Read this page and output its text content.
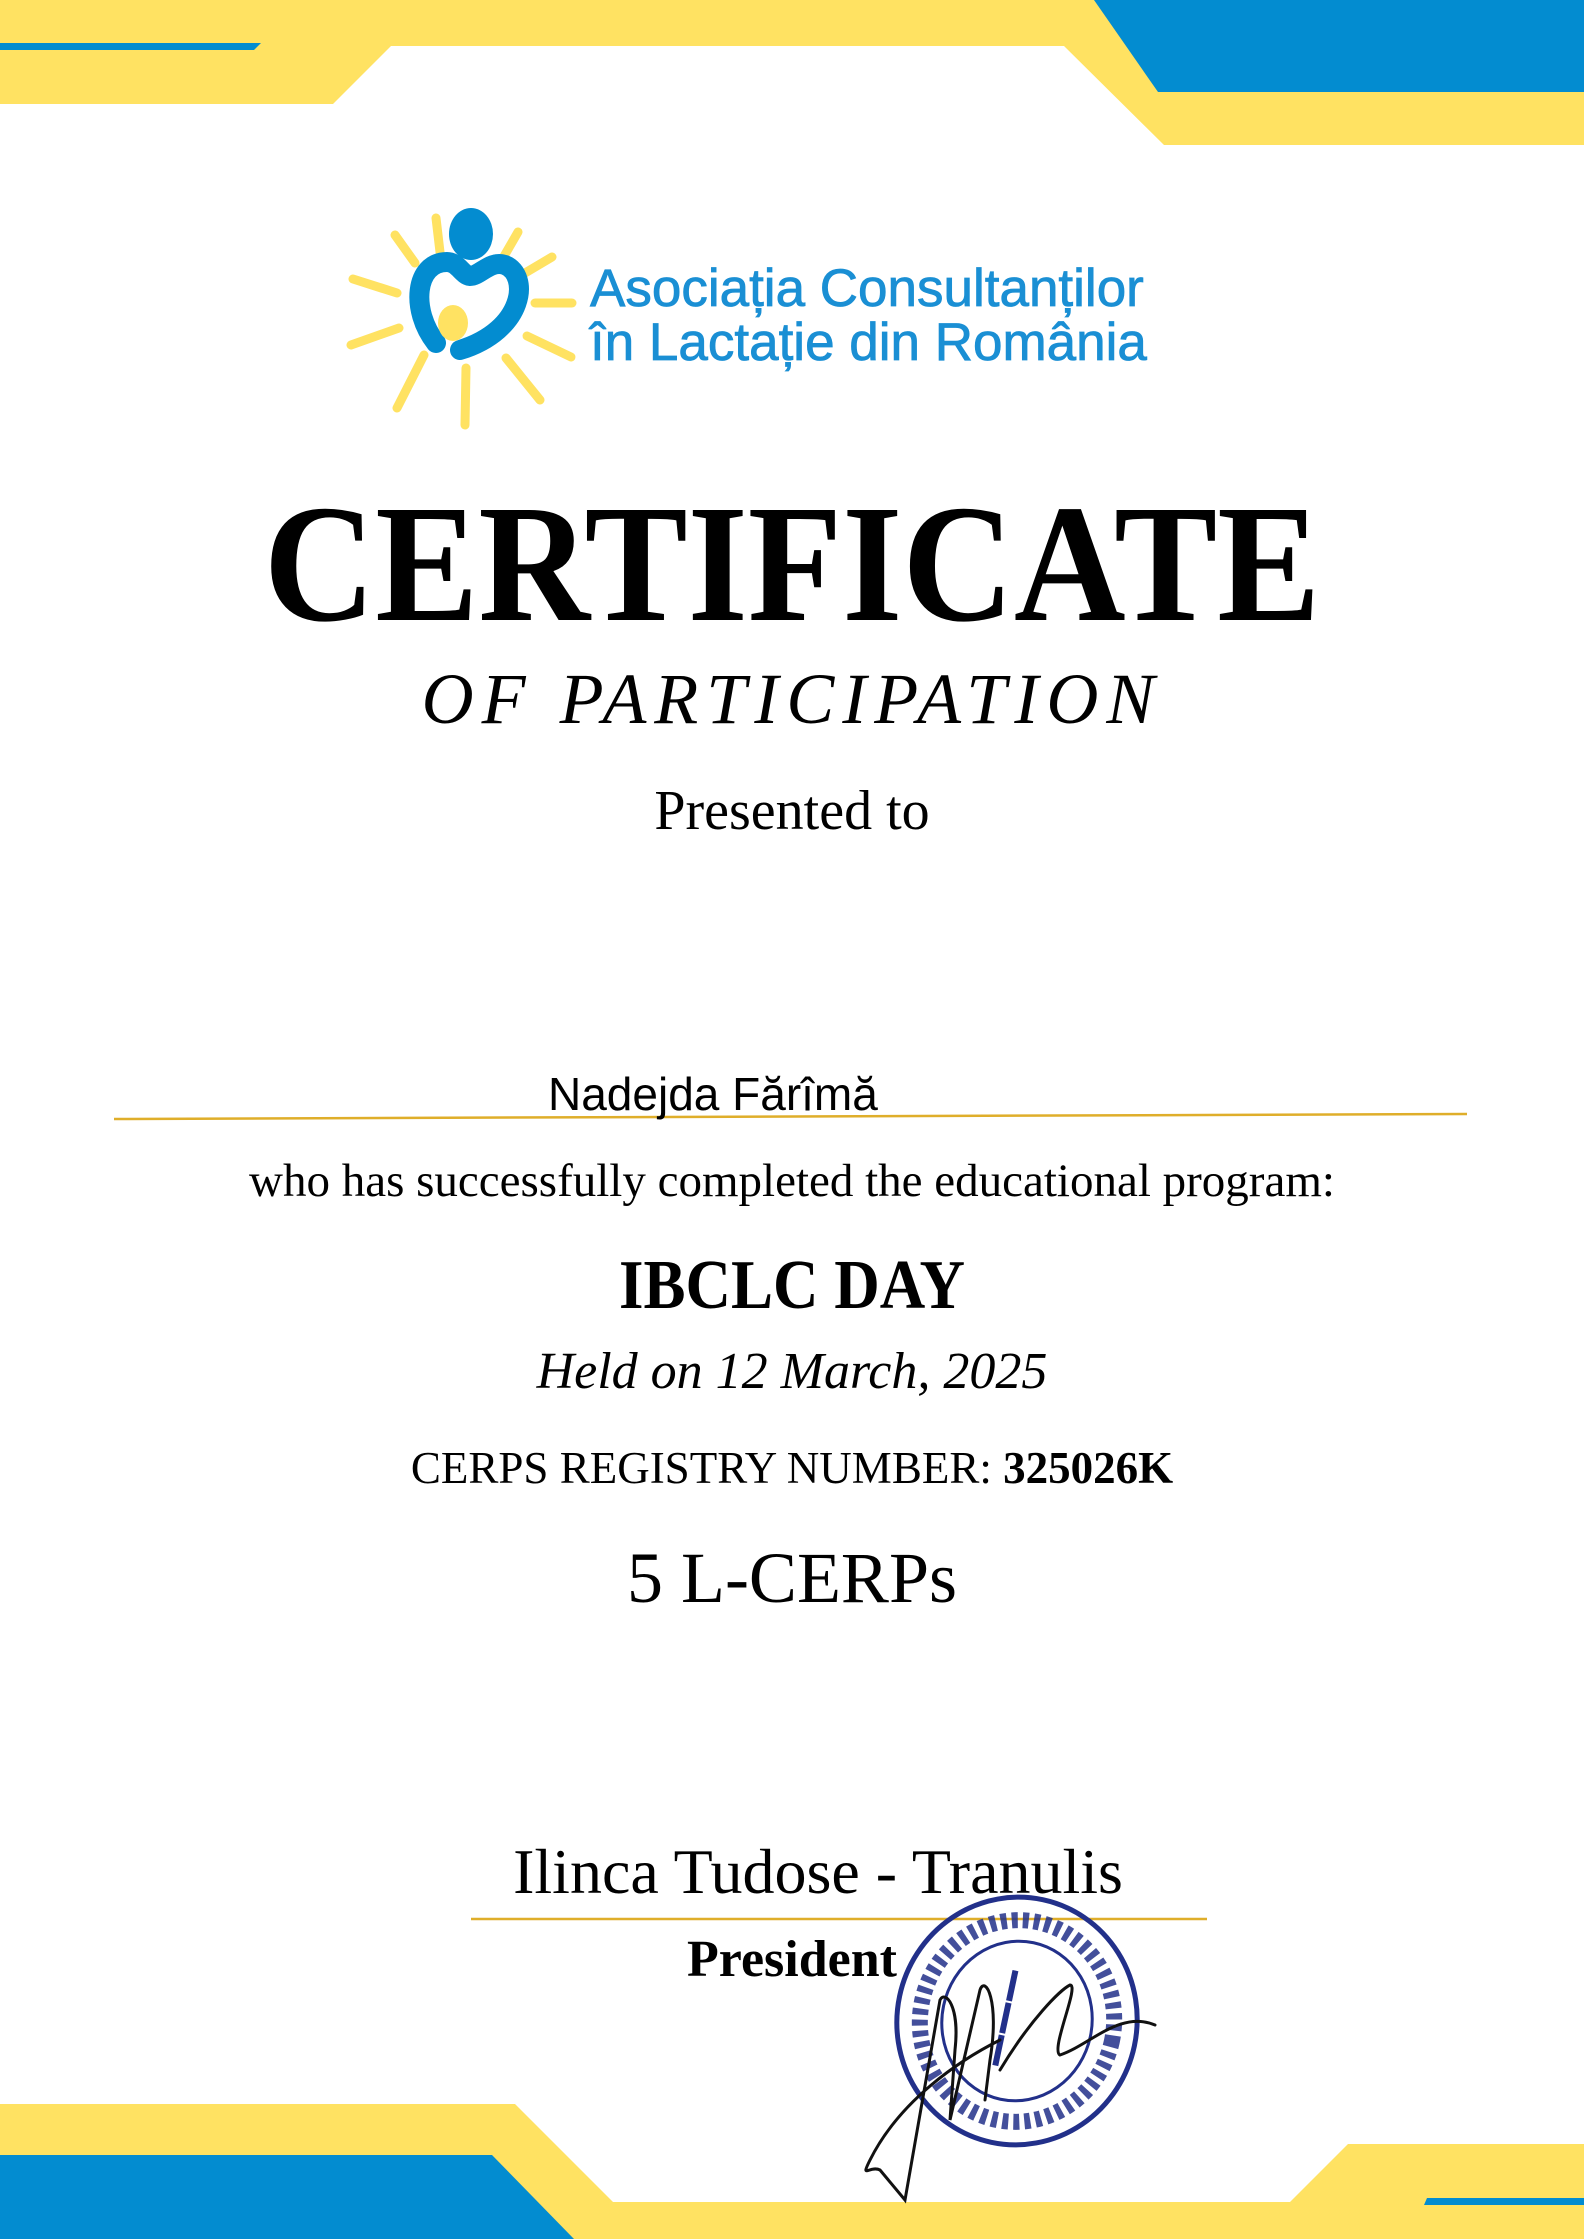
Asociația Consultanților
în Lactație din România
CERTIFICATE
OF PARTICIPATION
Presented to
Nadejda Fărîmă
who has successfully completed the educational program:
IBCLC DAY
Held on 12 March, 2025
CERPS REGISTRY NUMBER: 325026K
5 L-CERPs
Ilinca Tudose - Tranulis
President
